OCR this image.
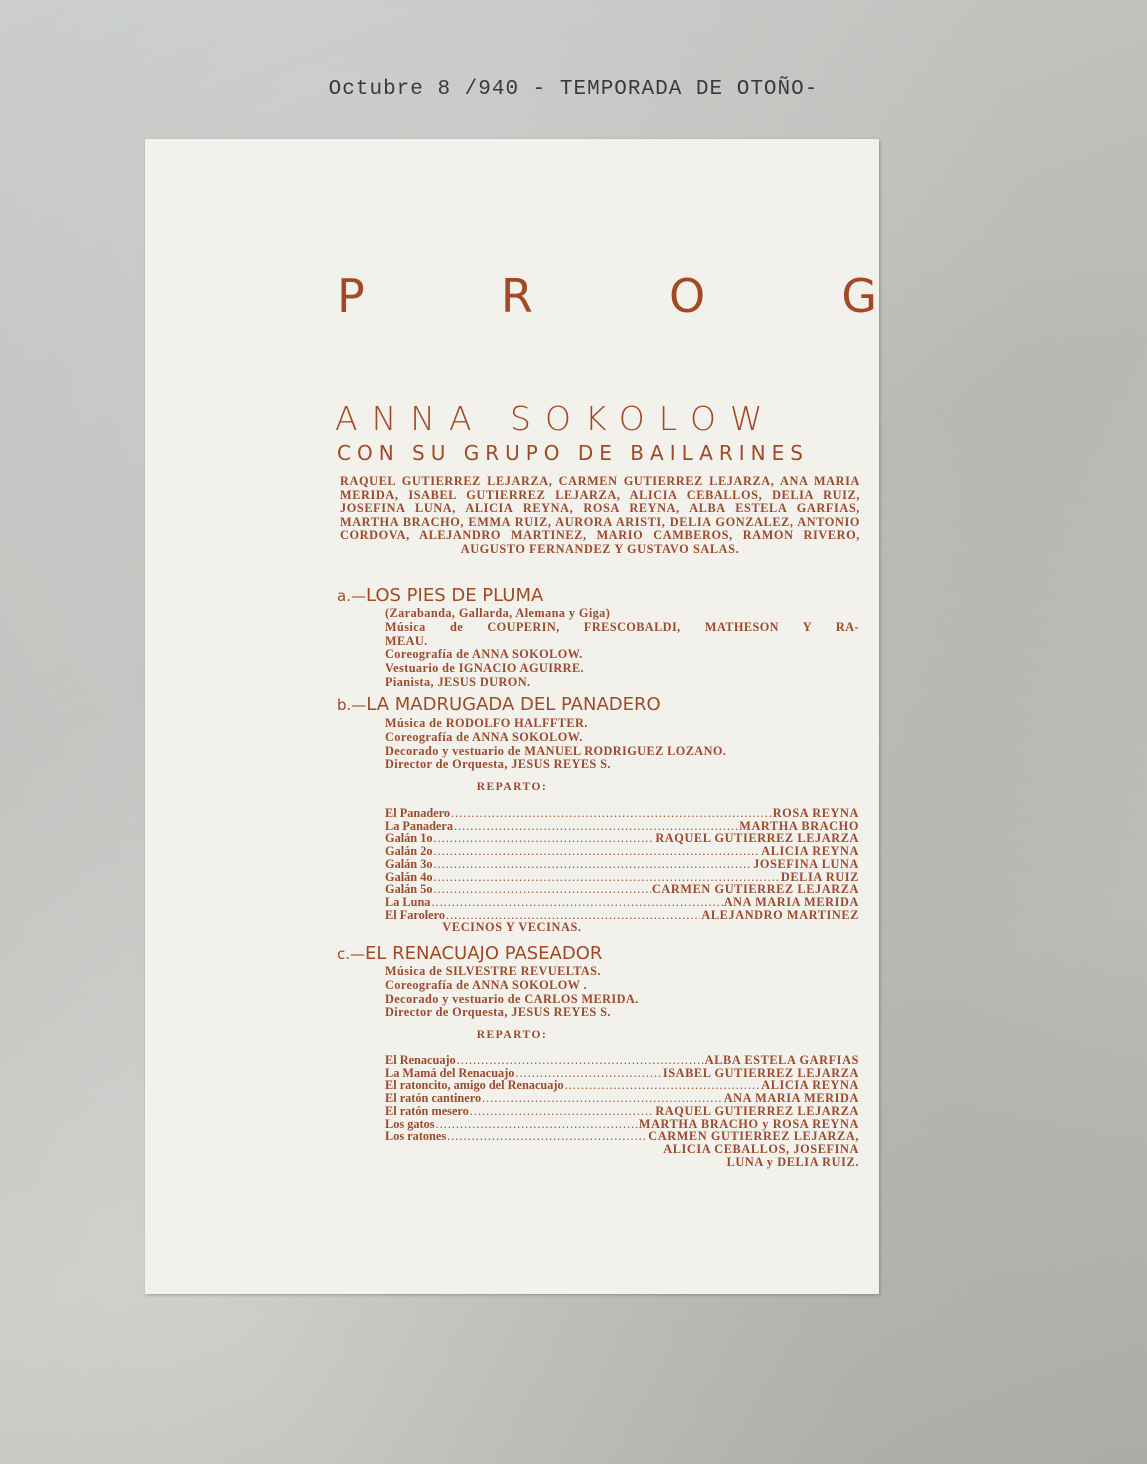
Octubre 8 /940 - TEMPORADA DE OTOÑO-
P	R	O	G
ANNA SOKOLOW
CON SU GRUPO DE BAILARINES
RAQUEL GUTIERREZ LEJARZA, CARMEN GUTIERREZ LEJARZA, ANA MARIA MERIDA, ISABEL GUTIERREZ LEJARZA, ALICIA CEBALLOS, DELIA RUIZ, JOSEFINA LUNA, ALICIA REYNA, ROSA REYNA, ALBA ESTELA GARFIAS, MARTHA BRACHO, EMMA RUIZ, AURORA ARISTI, DELIA GONZALEZ, ANTONIO CORDOVA, ALEJANDRO MARTINEZ, MARIO CAMBEROS, RAMON RIVERO, AUGUSTO FERNANDEZ Y GUSTAVO SALAS.
a.—LOS PIES DE PLUMA
(Zarabanda, Gallarda, Alemana y Giga)
Música de COUPERIN, FRESCOBALDI, MATHESON Y RA-
MEAU.
Coreografía de ANNA SOKOLOW.
Vestuario de IGNACIO AGUIRRE.
Pianista, JESUS DURON.
b.—LA MADRUGADA DEL PANADERO
Música de RODOLFO HALFFTER.
Coreografía de ANNA SOKOLOW.
Decorado y vestuario de MANUEL RODRIGUEZ LOZANO.
Director de Orquesta, JESUS REYES S.
REPARTO:
El Panadero .....	ROSA REYNA
La Panadera .....	MARTHA BRACHO
Galán 1o .....	RAQUEL GUTIERREZ LEJARZA
Galán 2o .....	ALICIA REYNA
Galán 3o .....	JOSEFINA LUNA
Galán 4o .....	DELIA RUIZ
Galán 5o .....	CARMEN GUTIERREZ LEJARZA
La Luna .....	ANA MARIA MERIDA
El Farolero .....	ALEJANDRO MARTINEZ
VECINOS Y VECINAS.
c.—EL RENACUAJO PASEADOR
Música de SILVESTRE REVUELTAS.
Coreografía de ANNA SOKOLOW .
Decorado y vestuario de CARLOS MERIDA.
Director de Orquesta, JESUS REYES S.
REPARTO:
El Renacuajo .....	ALBA ESTELA GARFIAS
La Mamá del Renacuajo .....	ISABEL GUTIERREZ LEJARZA
El ratoncito, amigo del Renacuajo .....	ALICIA REYNA
El ratón cantinero .....	ANA MARIA MERIDA
El ratón mesero .....	RAQUEL GUTIERREZ LEJARZA
Los gatos .....	MARTHA BRACHO y ROSA REYNA
Los ratones .....	CARMEN GUTIERREZ LEJARZA,
ALICIA CEBALLOS, JOSEFINA
LUNA y DELIA RUIZ.
